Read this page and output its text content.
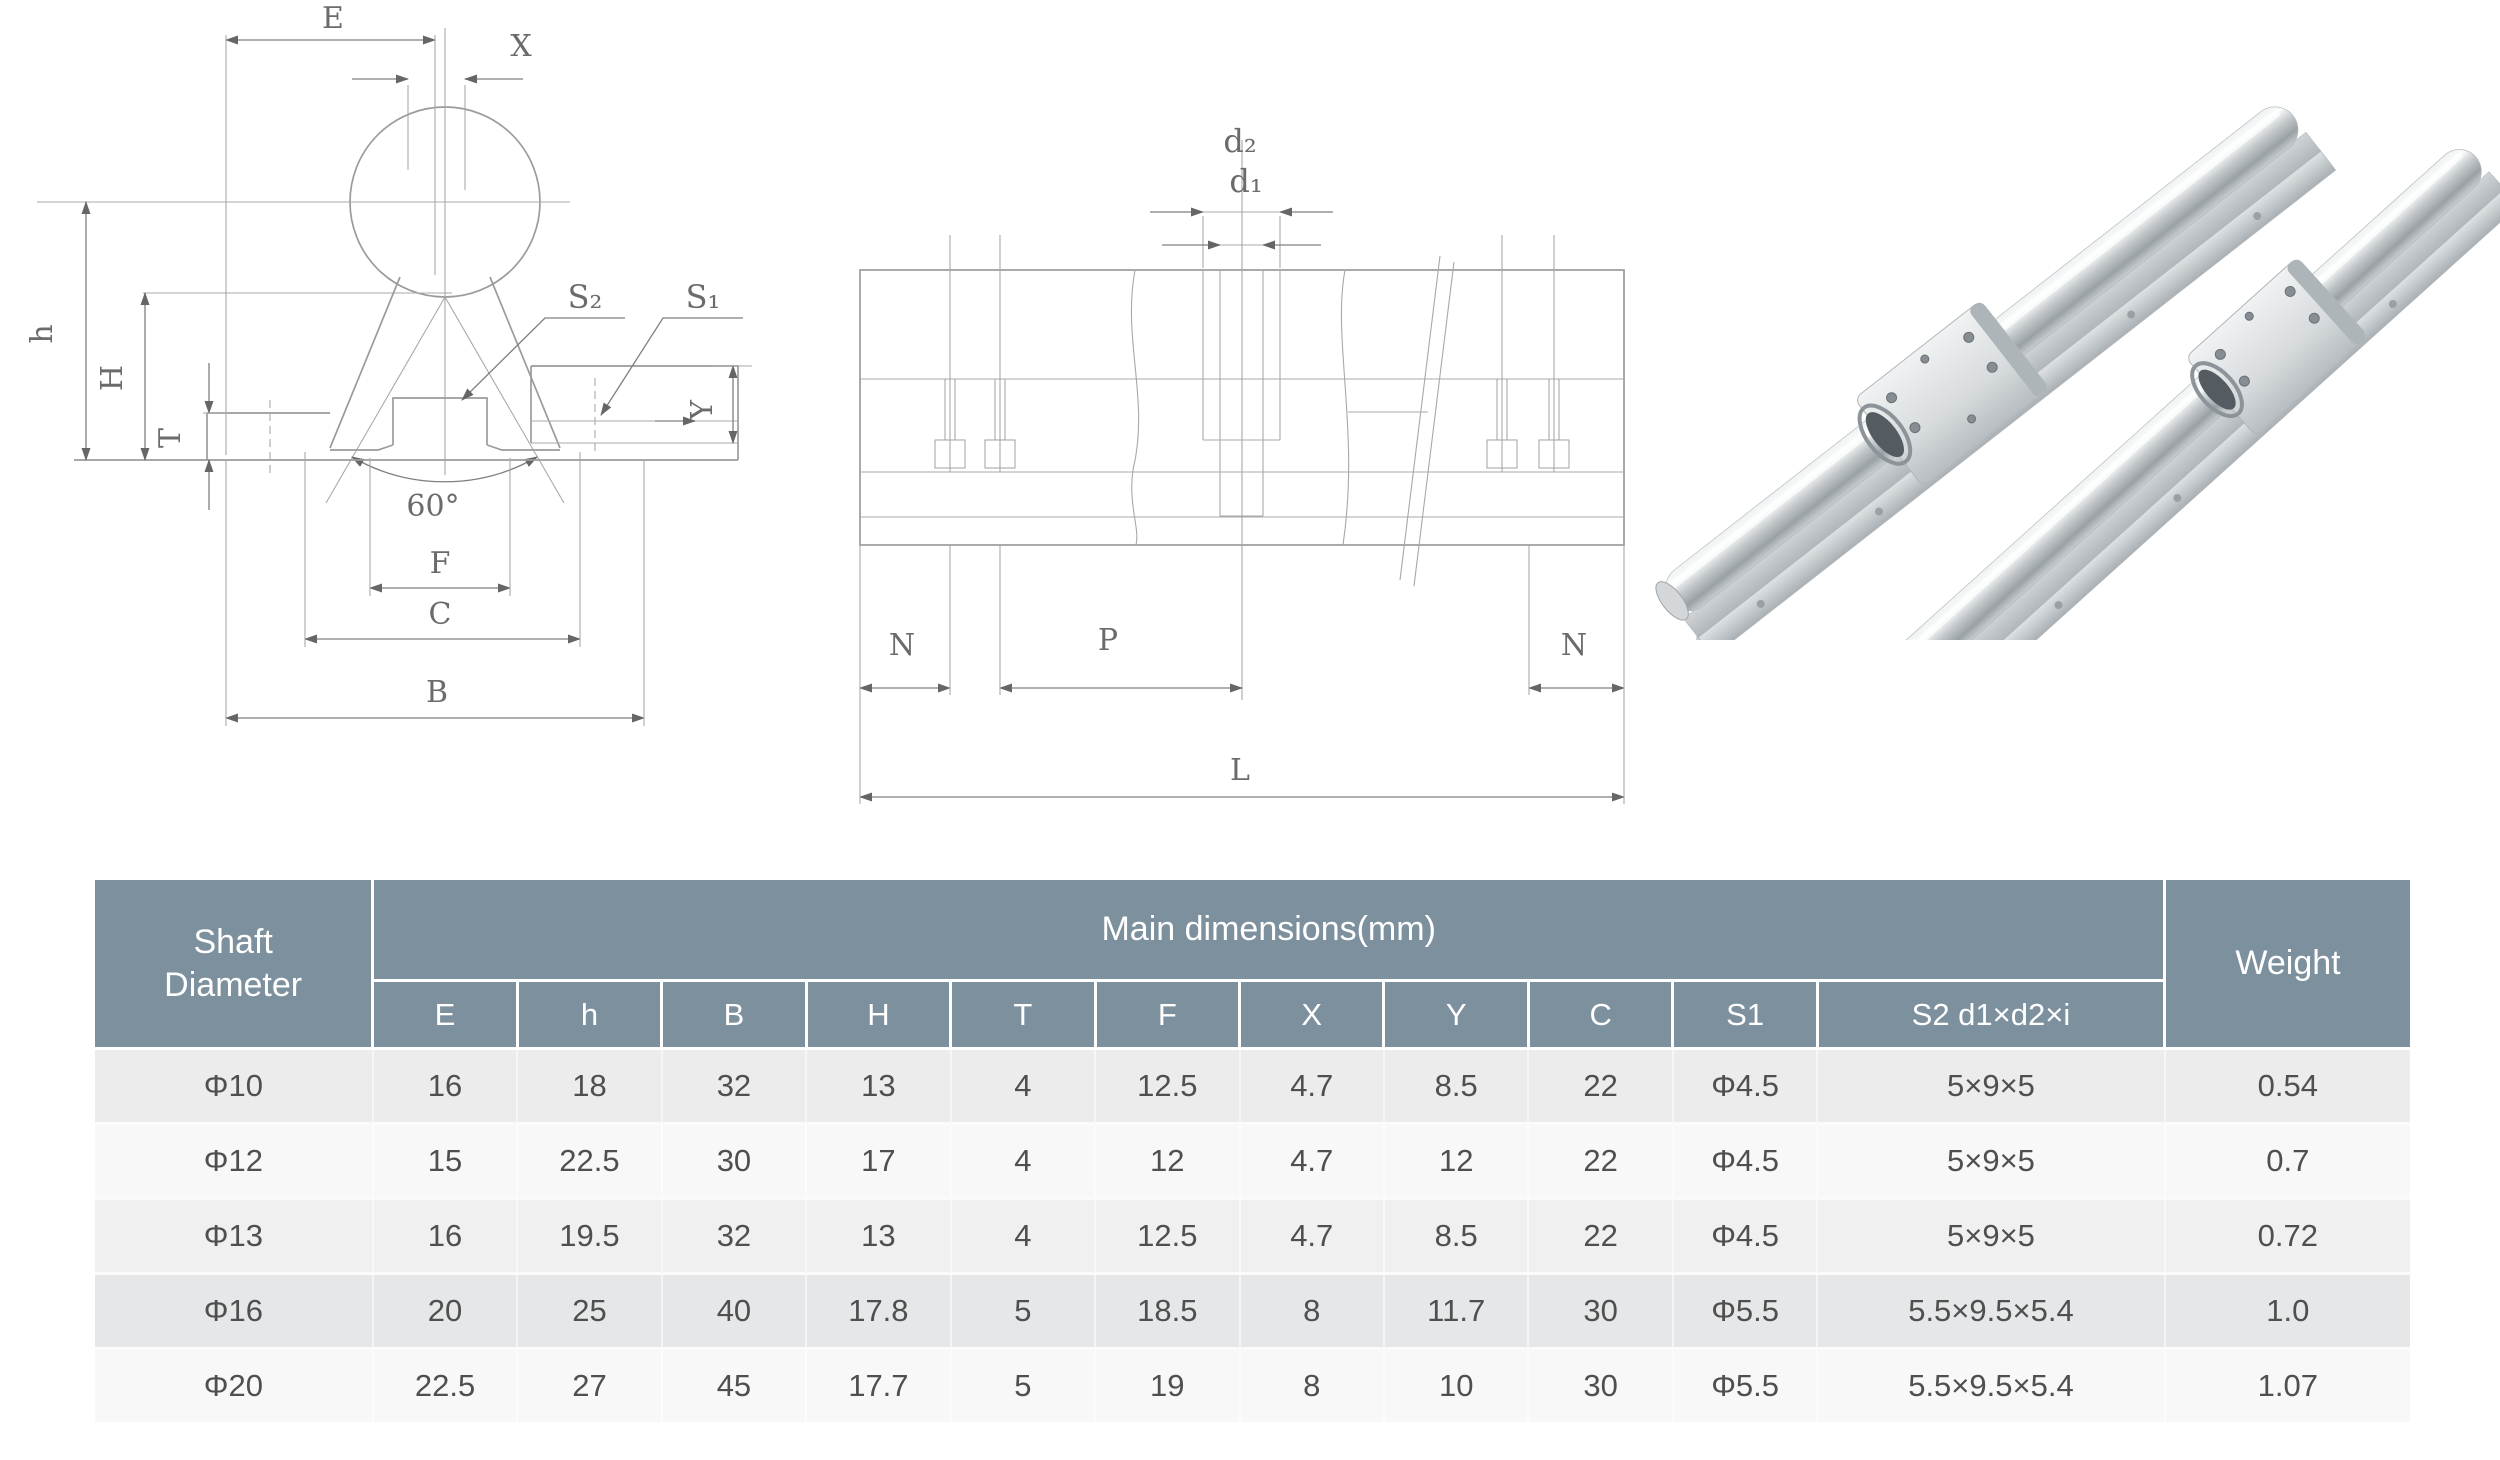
E
X
h
H
T
Y
S₂	S₁
60°
F
C
B
d₂
d₁
N	P	N
L
Shaft Diameter	Main dimensions(mm)											Weight
	E	h	B	H	T	F	X	Y	C	S1	S2 d1×d2×i	
Φ10	16	18	32	13	4	12.5	4.7	8.5	22	Φ4.5	5×9×5	0.54
Φ12	15	22.5	30	17	4	12	4.7	12	22	Φ4.5	5×9×5	0.7
Φ13	16	19.5	32	13	4	12.5	4.7	8.5	22	Φ4.5	5×9×5	0.72
Φ16	20	25	40	17.8	5	18.5	8	11.7	30	Φ5.5	5.5×9.5×5.4	1.0
Φ20	22.5	27	45	17.7	5	19	8	10	30	Φ5.5	5.5×9.5×5.4	1.07
